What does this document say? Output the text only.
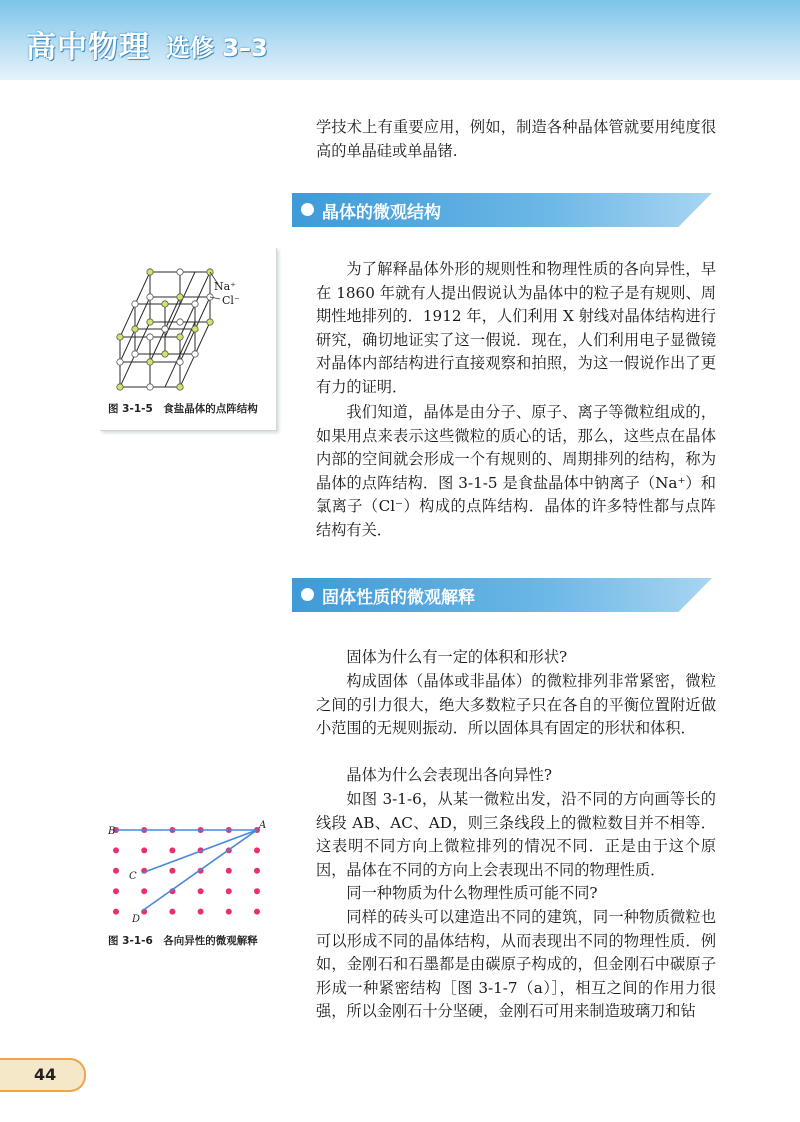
高中物理 选修 3–3

学技术上有重要应用，例如，制造各种晶体管就要用纯度很高的单晶硅或单晶锗.

晶体的微观结构

为了解释晶体外形的规则性和物理性质的各向异性，早在 1860 年就有人提出假说认为晶体中的粒子是有规则、周期性地排列的．1912 年，人们利用 X 射线对晶体结构进行研究，确切地证实了这一假说．现在，人们利用电子显微镜对晶体内部结构进行直接观察和拍照，为这一假说作出了更有力的证明．

我们知道，晶体是由分子、原子、离子等微粒组成的，如果用点来表示这些微粒的质心的话，那么，这些点在晶体内部的空间就会形成一个有规则的、周期排列的结构，称为晶体的点阵结构．图 3-1-5 是食盐晶体中钠离子（Na⁺）和氯离子（Cl⁻）构成的点阵结构．晶体的许多特性都与点阵结构有关．

Na⁺
Cl⁻
图 3-1-5　食盐晶体的点阵结构
固体性质的微观解释

固体为什么有一定的体积和形状?

构成固体（晶体或非晶体）的微粒排列非常紧密，微粒之间的引力很大，绝大多数粒子只在各自的平衡位置附近做小范围的无规则振动．所以固体具有固定的形状和体积．

晶体为什么会表现出各向异性?

如图 3-1-6，从某一微粒出发，沿不同的方向画等长的线段 AB、AC、AD，则三条线段上的微粒数目并不相等．这表明不同方向上微粒排列的情况不同．正是由于这个原因，晶体在不同的方向上会表现出不同的物理性质．

同一种物质为什么物理性质可能不同?

同样的砖头可以建造出不同的建筑，同一种物质微粒也可以形成不同的晶体结构，从而表现出不同的物理性质．例如，金刚石和石墨都是由碳原子构成的，但金刚石中碳原子形成一种紧密结构［图 3-1-7（a）］，相互之间的作用力很强，所以金刚石十分坚硬，金刚石可用来制造玻璃刀和钻

A
B
C
D
图 3-1-6　各向异性的微观解释
44
